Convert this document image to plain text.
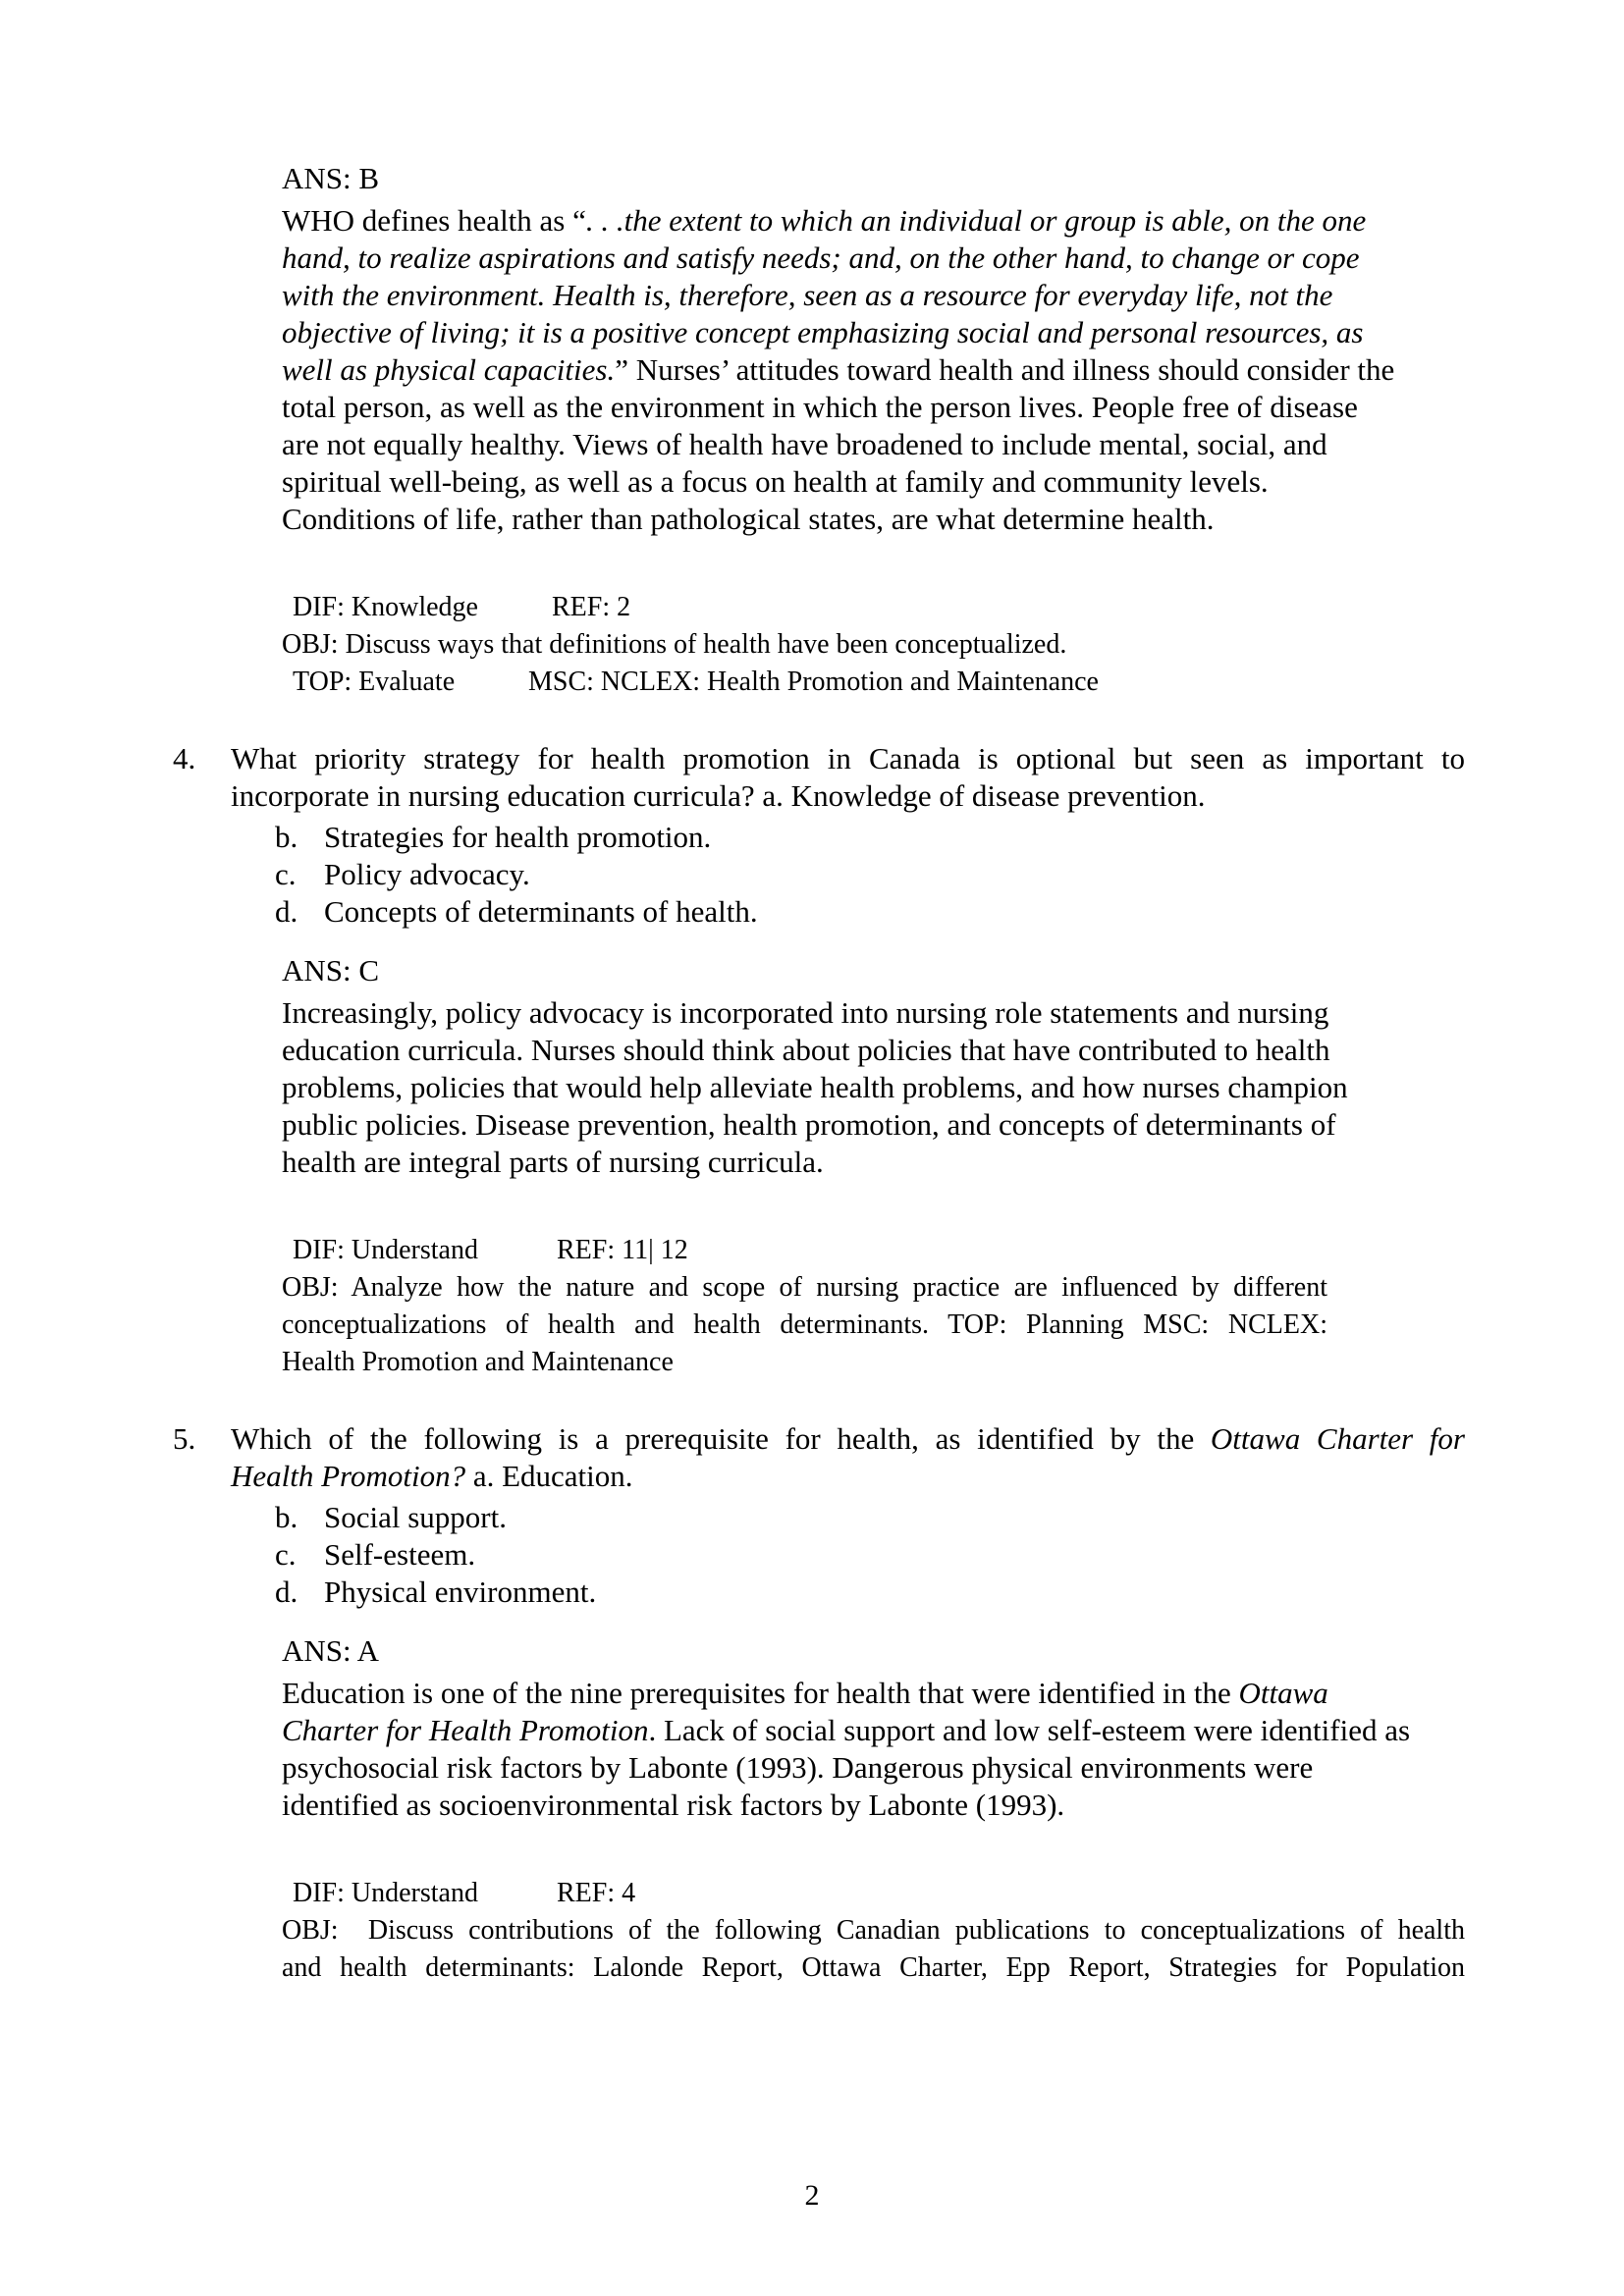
ANS: B
WHO defines health as “. . .the extent to which an individual or group is able, on the one
hand, to realize aspirations and satisfy needs; and, on the other hand, to change or cope
with the environment. Health is, therefore, seen as a resource for everyday life, not the
objective of living; it is a positive concept emphasizing social and personal resources, as
well as physical capacities.” Nurses’ attitudes toward health and illness should consider the
total person, as well as the environment in which the person lives. People free of disease
are not equally healthy. Views of health have broadened to include mental, social, and
spiritual well-being, as well as a focus on health at family and community levels.
Conditions of life, rather than pathological states, are what determine health.
DIF: Knowledge	REF: 2
OBJ: Discuss ways that definitions of health have been conceptualized.
TOP: Evaluate	MSC: NCLEX: Health Promotion and Maintenance
4. What priority strategy for health promotion in Canada is optional but seen as important to
incorporate in nursing education curricula? a. Knowledge of disease prevention.
b. Strategies for health promotion.
c. Policy advocacy.
d. Concepts of determinants of health.
ANS: C
Increasingly, policy advocacy is incorporated into nursing role statements and nursing
education curricula. Nurses should think about policies that have contributed to health
problems, policies that would help alleviate health problems, and how nurses champion
public policies. Disease prevention, health promotion, and concepts of determinants of
health are integral parts of nursing curricula.
DIF: Understand	REF: 11| 12
OBJ: Analyze how the nature and scope of nursing practice are influenced by different
conceptualizations of health and health determinants. TOP: Planning MSC: NCLEX:
Health Promotion and Maintenance
5. Which of the following is a prerequisite for health, as identified by the Ottawa Charter for
Health Promotion? a. Education.
b. Social support.
c. Self-esteem.
d. Physical environment.
ANS: A
Education is one of the nine prerequisites for health that were identified in the Ottawa
Charter for Health Promotion. Lack of social support and low self-esteem were identified as
psychosocial risk factors by Labonte (1993). Dangerous physical environments were
identified as socioenvironmental risk factors by Labonte (1993).
DIF: Understand	REF: 4
OBJ:  Discuss contributions of the following Canadian publications to conceptualizations of health
and health determinants: Lalonde Report, Ottawa Charter, Epp Report, Strategies for Population
2
